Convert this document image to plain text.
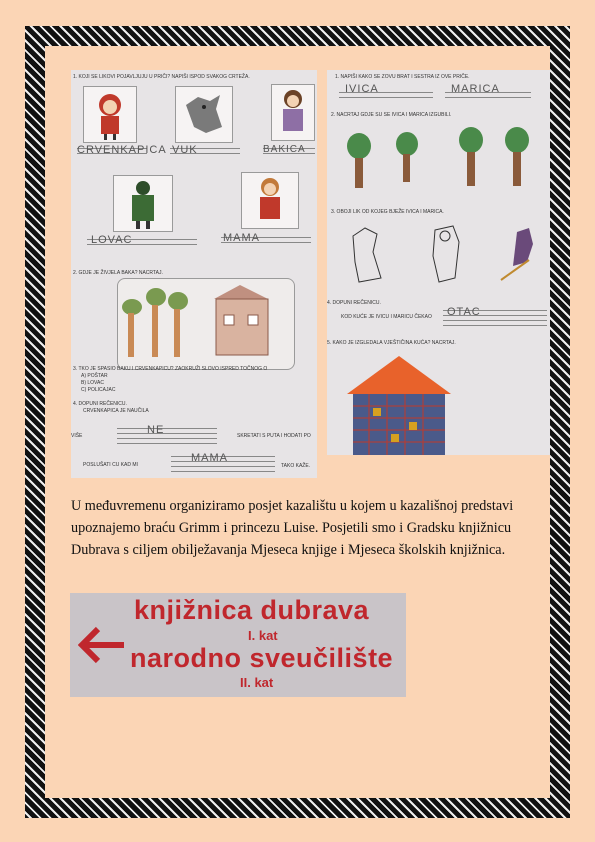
1. KOJI SE LIKOVI POJAVLJUJU U PRIČI? NAPIŠI ISPOD SVAKOG CRTEŽA.
CRVENKAPICA VUK	BAKICA
LOVAC	MAMA
2. GDJE JE ŽIVJELA BAKA? NACRTAJ.
3. TKO JE SPASIO BAKU I CRVENKAPICU? ZAOKRUŽI SLOVO ISPRED TOČNOG O
A) POŠTAR
B) LOVAC
C) POLICAJAC
4. DOPUNI REČENICU.
CRVENKAPICA JE NAUČILA
VIŠE	NE	SKRETATI S PUTA I HODATI PO
POSLUŠATI CU KAD MI
MAMA
TAKO KAŽE.
1. NAPIŠI KAKO SE ZOVU BRAT I SESTRA IZ OVE PRIČE.
IVICA	MARICA
2. NACRTAJ GDJE SU SE IVICA I MARICA IZGUBILI.
3. OBOJI LIK OD KOJEG BJEŽE IVICA I MARICA.
4. DOPUNI REČENICU.
KOD KUĆE JE IVICU I MARICU ČEKAO OTAC
5. KAKO JE IZGLEDALA VJEŠTIČINA KUĆA? NACRTAJ.
U međuvremenu organiziramo posjet kazalištu u kojem u kazališnoj predstavi upoznajemo braću Grimm i princezu Luise. Posjetili smo i Gradsku knjižnicu Dubrava s ciljem obilježavanja Mjeseca knjige i Mjeseca školskih knjižnica.
knjižnica dubrava
I. kat
narodno sveučilište
II. kat
